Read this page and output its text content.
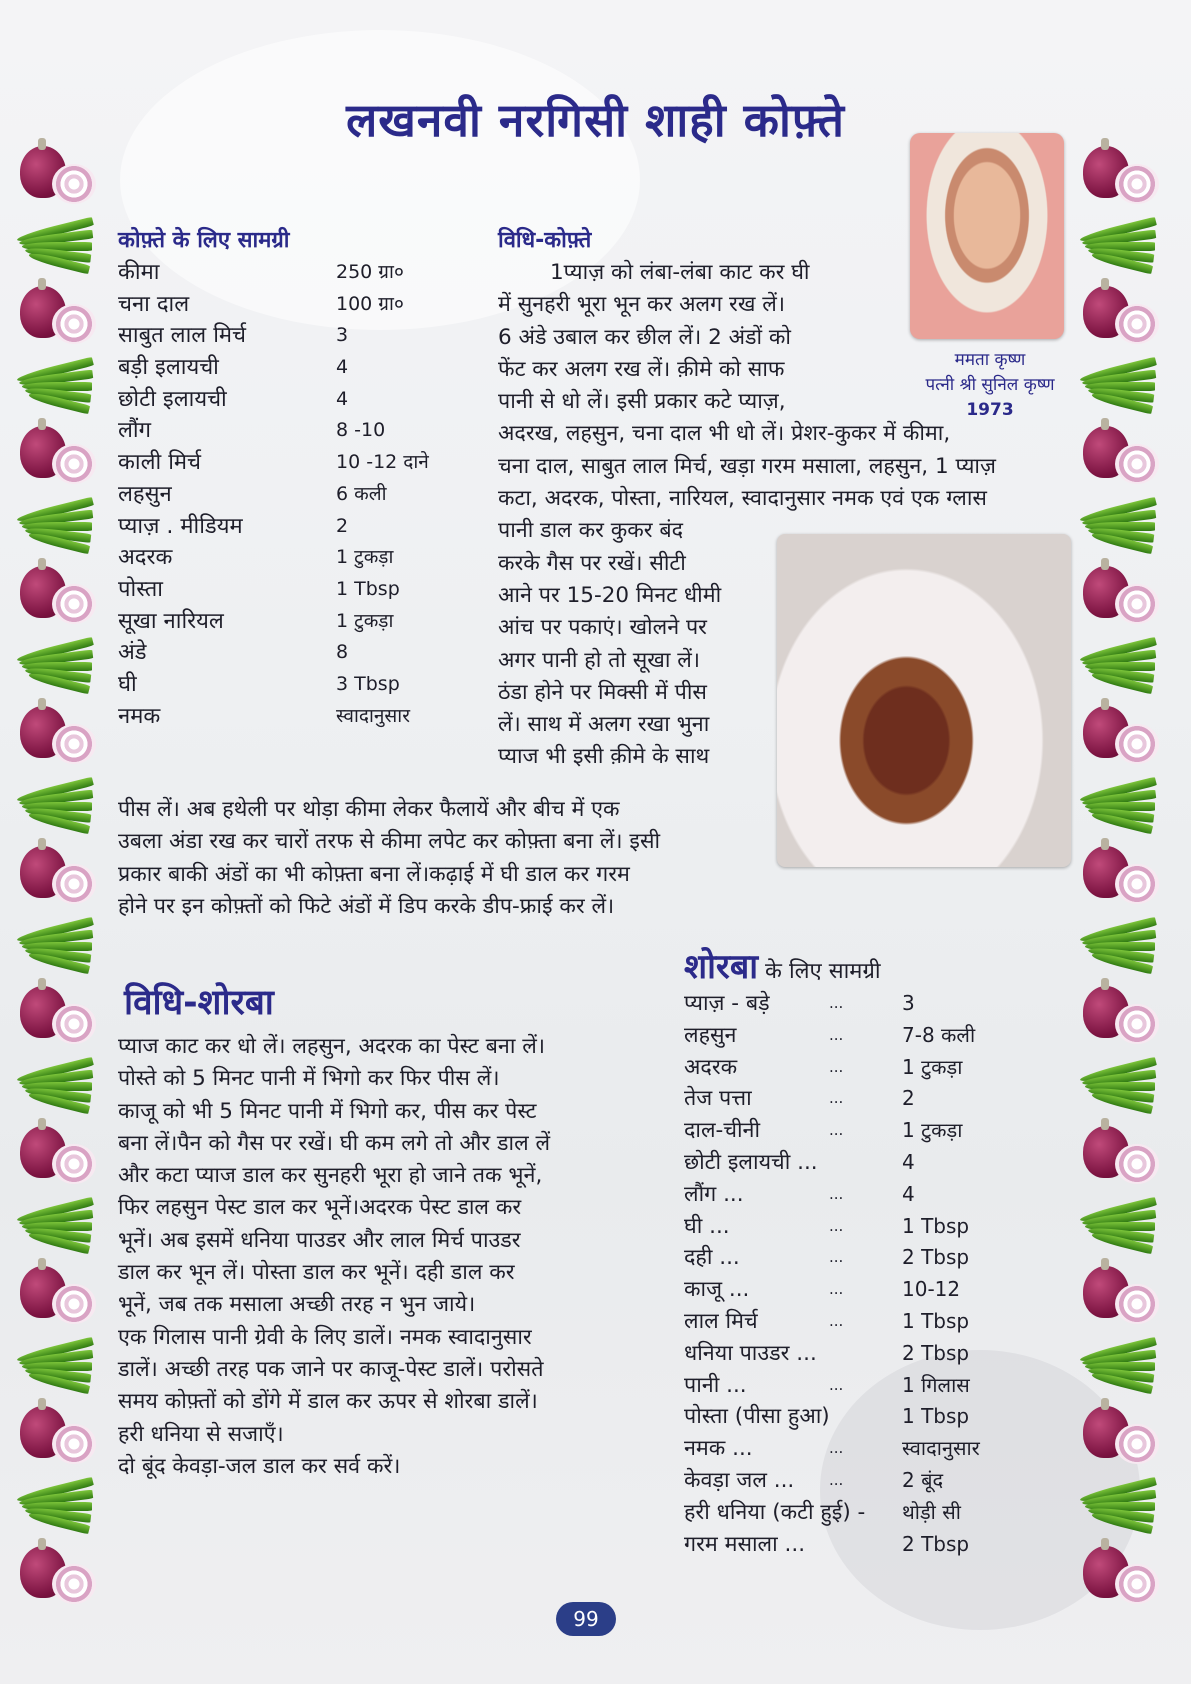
लखनवी नरगिसी शाही कोफ़्ते
ममता कृष्ण
पत्नी श्री सुनिल कृष्ण
1973
कोफ़्ते के लिए सामग्री
कीमा	250 ग्रा०
चना दाल	100 ग्रा०
साबुत लाल मिर्च	3
बड़ी इलायची	4
छोटी इलायची	4
लौंग	8 -10
काली मिर्च	10 -12 दाने
लहसुन	6 कली
प्याज़ . मीडियम	2
अदरक	1 टुकड़ा
पोस्ता	1 Tbsp
सूखा नारियल	1 टुकड़ा
अंडे	8
घी	3 Tbsp
नमक	स्वादानुसार
विधि-कोफ़्ते
1प्याज़ को लंबा-लंबा काट कर घी
में सुनहरी भूरा भून कर अलग रख लें।
6 अंडे उबाल कर छील लें। 2 अंडों को
फेंट कर अलग रख लें। क़ीमे को साफ
पानी से धो लें। इसी प्रकार कटे प्याज़,
अदरख, लहसुन, चना दाल भी धो लें। प्रेशर-कुकर में कीमा,
चना दाल, साबुत लाल मिर्च, खड़ा गरम मसाला, लहसुन, 1 प्याज़
कटा, अदरक, पोस्ता, नारियल, स्वादानुसार नमक एवं एक ग्लास
पानी डाल कर कुकर बंद
करके गैस पर रखें। सीटी
आने पर 15-20 मिनट धीमी
आंच पर पकाएं। खोलने पर
अगर पानी हो तो सूखा लें।
ठंडा होने पर मिक्सी में पीस
लें। साथ में अलग रखा भुना
प्याज भी इसी क़ीमे के साथ
पीस लें। अब हथेली पर थोड़ा कीमा लेकर फैलायें और बीच में एक
उबला अंडा रख कर चारों तरफ से कीमा लपेट कर कोफ़्ता बना लें। इसी
प्रकार बाकी अंडों का भी कोफ़्ता बना लें।कढ़ाई में घी डाल कर गरम
होने पर इन कोफ़्तों को फिटे अंडों में डिप करके डीप-फ्राई कर लें।
विधि-शोरबा
प्याज काट कर धो लें। लहसुन, अदरक का पेस्ट बना लें।
पोस्ते को 5 मिनट पानी में भिगो कर फिर पीस लें।
काजू को भी 5 मिनट पानी में भिगो कर, पीस कर पेस्ट
बना लें।पैन को गैस पर रखें। घी कम लगे तो और डाल लें
और कटा प्याज डाल कर सुनहरी भूरा हो जाने तक भूनें,
फिर लहसुन पेस्ट डाल कर भूनें।अदरक पेस्ट डाल कर
भूनें। अब इसमें धनिया पाउडर और लाल मिर्च पाउडर
डाल कर भून लें। पोस्ता डाल कर भूनें। दही डाल कर
भूनें, जब तक मसाला अच्छी तरह न भुन जाये।
एक गिलास पानी ग्रेवी के लिए डालें। नमक स्वादानुसार
डालें। अच्छी तरह पक जाने पर काजू-पेस्ट डालें। परोसते
समय कोफ़्तों को डोंगे में डाल कर ऊपर से शोरबा डालें।
हरी धनिया से सजाएँ।
दो बूंद केवड़ा-जल डाल कर सर्व करें।
शोरबा के लिए सामग्री
प्याज़ - बड़े	...	3
लहसुन	...	7-8 कली
अदरक	...	1 टुकड़ा
तेज पत्ता	...	2
दाल-चीनी	...	1 टुकड़ा
छोटी इलायची ...	4
लौंग ...	...	4
घी ...	...	1 Tbsp
दही ...	...	2 Tbsp
काजू ...	...	10-12
लाल मिर्च	...	1 Tbsp
धनिया पाउडर ...	2 Tbsp
पानी ...	...	1 गिलास
पोस्ता (पीसा हुआ)	1 Tbsp
नमक ...	...	स्वादानुसार
केवड़ा जल ... ...	2 बूंद
हरी धनिया (कटी हुई) - थोड़ी सी
गरम मसाला ...	2 Tbsp
99
